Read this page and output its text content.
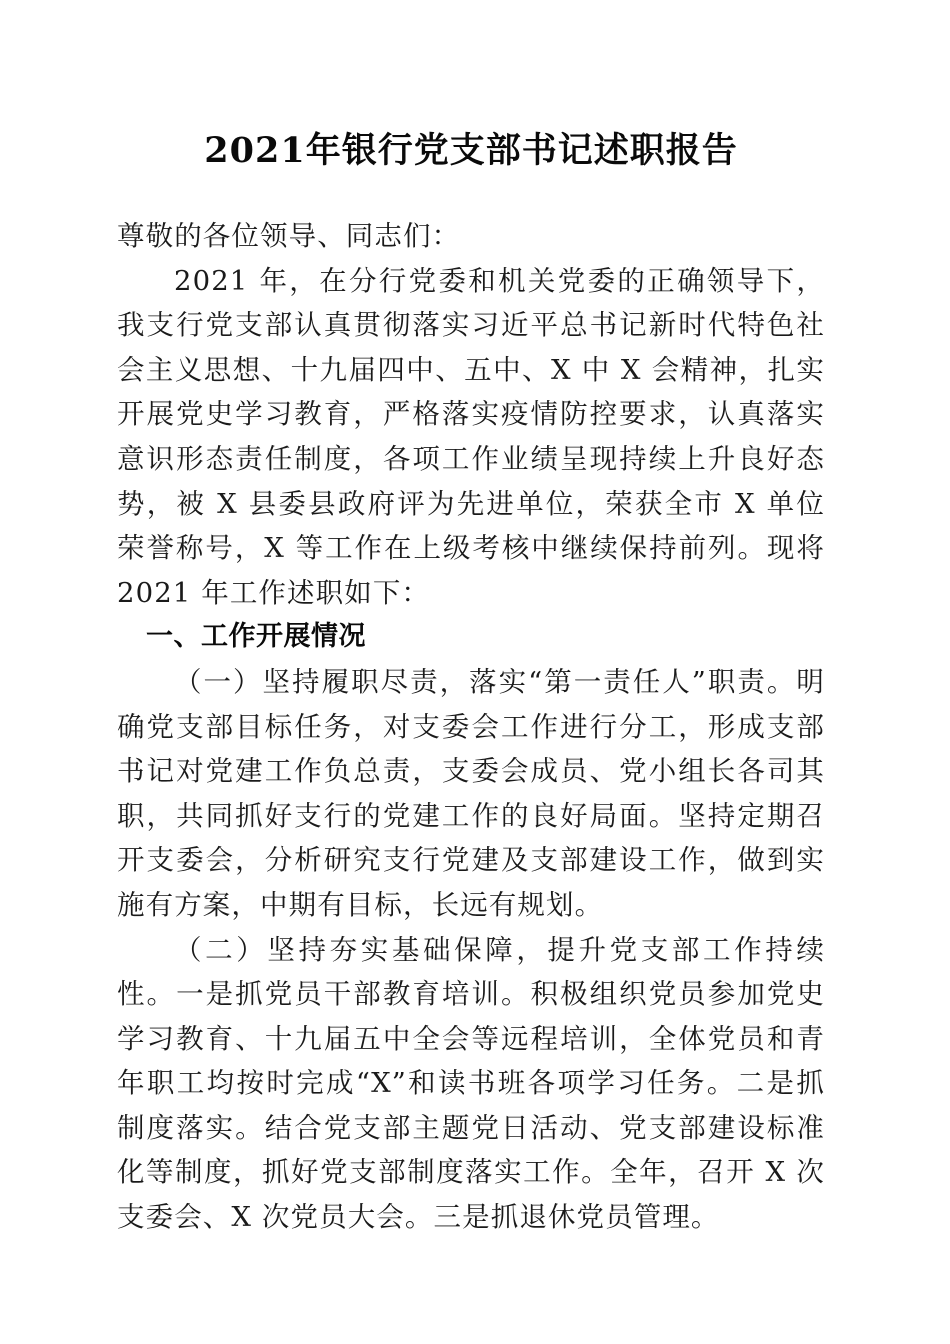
2021年银行党支部书记述职报告

尊敬的各位领导、同志们：

2021 年，在分行党委和机关党委的正确领导下，我支行党支部认真贯彻落实习近平总书记新时代特色社会主义思想、十九届四中、五中、X 中 X 会精神，扎实开展党史学习教育，严格落实疫情防控要求，认真落实意识形态责任制度，各项工作业绩呈现持续上升良好态势，被 X 县委县政府评为先进单位，荣获全市 X 单位荣誉称号，X 等工作在上级考核中继续保持前列。现将 2021 年工作述职如下：

一、工作开展情况

（一）坚持履职尽责，落实“第一责任人”职责。明确党支部目标任务，对支委会工作进行分工，形成支部书记对党建工作负总责，支委会成员、党小组长各司其职，共同抓好支行的党建工作的良好局面。坚持定期召开支委会，分析研究支行党建及支部建设工作，做到实施有方案，中期有目标，长远有规划。

（二）坚持夯实基础保障，提升党支部工作持续性。一是抓党员干部教育培训。积极组织党员参加党史学习教育、十九届五中全会等远程培训，全体党员和青年职工均按时完成“X”和读书班各项学习任务。二是抓制度落实。结合党支部主题党日活动、党支部建设标准化等制度，抓好党支部制度落实工作。全年，召开 X 次支委会、X 次党员大会。三是抓退休党员管理。
